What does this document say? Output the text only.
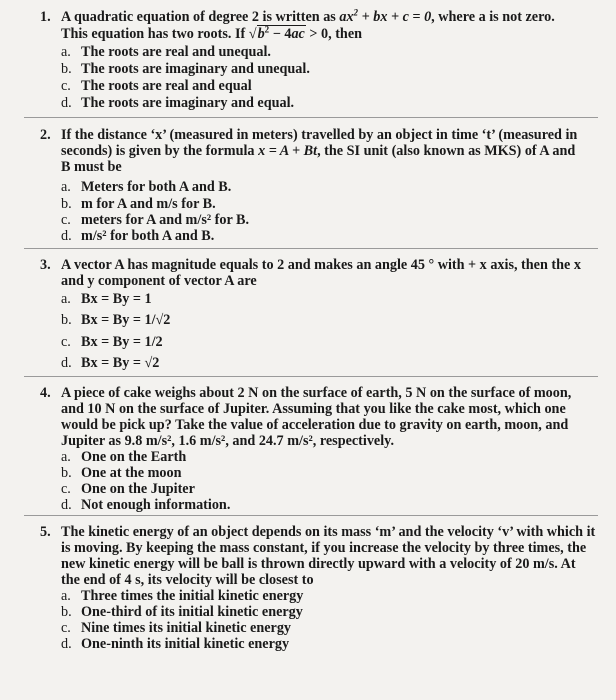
1. A quadratic equation of degree 2 is written as $ax^2$ + bx + c = 0, where a is not zero.
This equation has two roots. If $√b^2 - 4ac > 0$, then
a. The roots are real and unequal.
b. The roots are imaginary and unequal.
c. The roots are real and equal
d. The roots are imaginary and equal.
2. If the distance ‘x’ (measured in meters) travelled by an object in time ‘t’ (measured in
seconds) is given by the formula x = A + Bt, the SI unit (also known as MKS) of A and
B must be
a. Meters for both A and B.
b. m for A and m/s for B.
c. meters for A and m/s² for B.
d. m/s² for both A and B.
3. A vector A has magnitude equals to 2 and makes an angle 45 ° with + x axis, then the x
and y component of vector A are
a. Bx = By = 1
b. Bx = By = 1/√2
c. Bx = By = 1/2
d. Bx = By = √2
4. A piece of cake weighs about 2 N on the surface of earth, 5 N on the surface of moon,
and 10 N on the surface of Jupiter. Assuming that you like the cake most, which one
would be pick up? Take the value of acceleration due to gravity on earth, moon, and
Jupiter as 9.8 m/s², 1.6 m/s², and 24.7 m/s², respectively.
a. One on the Earth
b. One at the moon
c. One on the Jupiter
d. Not enough information.
5. The kinetic energy of an object depends on its mass ‘m’ and the velocity ‘v’ with which it
is moving. By keeping the mass constant, if you increase the velocity by three times, the
new kinetic energy will be ball is thrown directly upward with a velocity of 20 m/s. At
the end of 4 s, its velocity will be closest to
a. Three times the initial kinetic energy
b. One-third of its initial kinetic energy
c. Nine times its initial kinetic energy
d. One-ninth its initial kinetic energy
